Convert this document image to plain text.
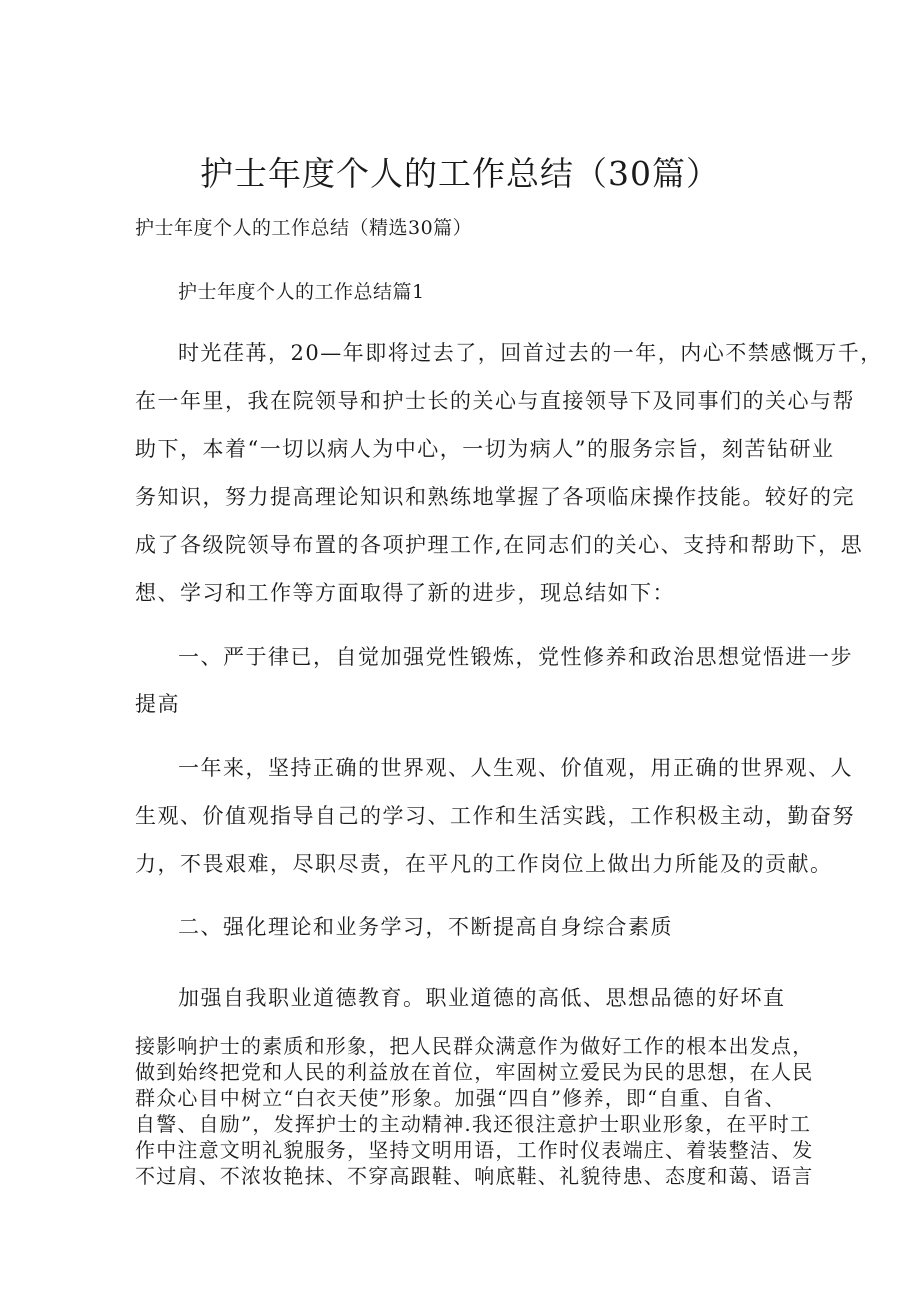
护士年度个人的工作总结（30篇）
护士年度个人的工作总结（精选30篇）
护士年度个人的工作总结篇1
时光荏苒，20—年即将过去了，回首过去的一年，内心不禁感慨万千，
在一年里，我在院领导和护士长的关心与直接领导下及同事们的关心与帮
助下，本着“一切以病人为中心，一切为病人”的服务宗旨，刻苦钻研业
务知识，努力提高理论知识和熟练地掌握了各项临床操作技能。较好的完
成了各级院领导布置的各项护理工作,在同志们的关心、支持和帮助下，思
想、学习和工作等方面取得了新的进步，现总结如下：
一、严于律已，自觉加强党性锻炼，党性修养和政治思想觉悟进一步
提高
一年来，坚持正确的世界观、人生观、价值观，用正确的世界观、人
生观、价值观指导自己的学习、工作和生活实践，工作积极主动，勤奋努
力，不畏艰难，尽职尽责，在平凡的工作岗位上做出力所能及的贡献。
二、强化理论和业务学习，不断提高自身综合素质
加强自我职业道德教育。职业道德的高低、思想品德的好坏直
接影响护士的素质和形象，把人民群众满意作为做好工作的根本出发点，
做到始终把党和人民的利益放在首位，牢固树立爱民为民的思想，在人民
群众心目中树立“白衣天使”形象。加强“四自”修养，即“自重、自省、
自警、自励”，发挥护士的主动精神.我还很注意护士职业形象，在平时工
作中注意文明礼貌服务，坚持文明用语，工作时仪表端庄、着装整洁、发
不过肩、不浓妆艳抹、不穿高跟鞋、响底鞋、礼貌待患、态度和蔼、语言
